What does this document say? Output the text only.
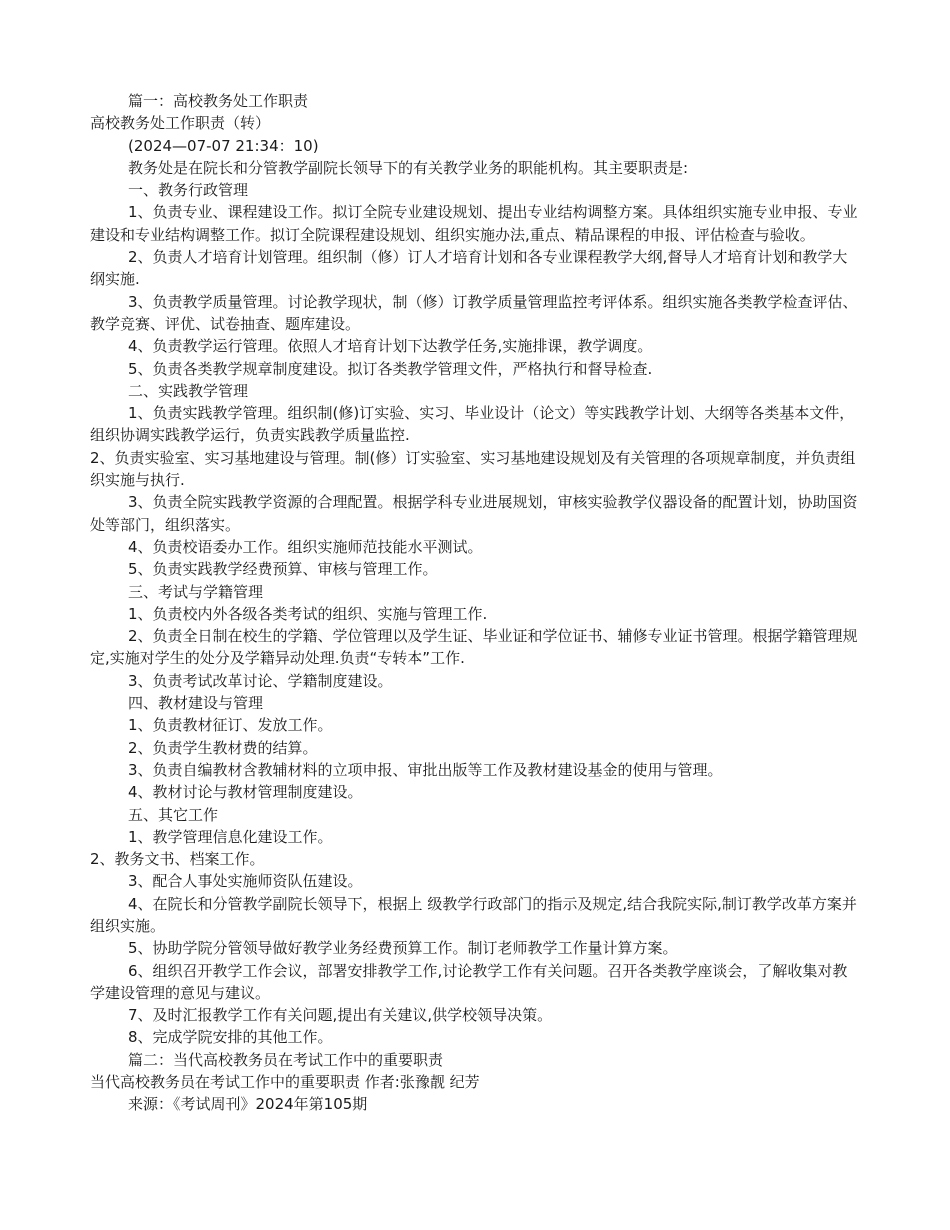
篇一：高校教务处工作职责

高校教务处工作职责（转）

(2024—07-07 21:34：10)

教务处是在院长和分管教学副院长领导下的有关教学业务的职能机构。其主要职责是:

一、教务行政管理

1、负责专业、课程建设工作。拟订全院专业建设规划、提出专业结构调整方案。具体组织实施专业申报、专业建设和专业结构调整工作。拟订全院课程建设规划、组织实施办法,重点、精品课程的申报、评估检查与验收。

2、负责人才培育计划管理。组织制（修）订人才培育计划和各专业课程教学大纲,督导人才培育计划和教学大纲实施.

3、负责教学质量管理。讨论教学现状，制（修）订教学质量管理监控考评体系。组织实施各类教学检查评估、教学竞赛、评优、试卷抽查、题库建设。

4、负责教学运行管理。依照人才培育计划下达教学任务,实施排课，教学调度。

5、负责各类教学规章制度建设。拟订各类教学管理文件，严格执行和督导检查.

二、实践教学管理

1、负责实践教学管理。组织制(修)订实验、实习、毕业设计（论文）等实践教学计划、大纲等各类基本文件，组织协调实践教学运行，负责实践教学质量监控.

2、负责实验室、实习基地建设与管理。制(修）订实验室、实习基地建设规划及有关管理的各项规章制度，并负责组织实施与执行.

3、负责全院实践教学资源的合理配置。根据学科专业进展规划，审核实验教学仪器设备的配置计划，协助国资处等部门，组织落实。

4、负责校语委办工作。组织实施师范技能水平测试。

5、负责实践教学经费预算、审核与管理工作。

三、考试与学籍管理

1、负责校内外各级各类考试的组织、实施与管理工作.

2、负责全日制在校生的学籍、学位管理以及学生证、毕业证和学位证书、辅修专业证书管理。根据学籍管理规定,实施对学生的处分及学籍异动处理.负责“专转本”工作.

3、负责考试改革讨论、学籍制度建设。

四、教材建设与管理

1、负责教材征订、发放工作。

2、负责学生教材费的结算。

3、负责自编教材含教辅材料的立项申报、审批出版等工作及教材建设基金的使用与管理。

4、教材讨论与教材管理制度建设。

五、其它工作

1、教学管理信息化建设工作。

2、教务文书、档案工作。

3、配合人事处实施师资队伍建设。

4、在院长和分管教学副院长领导下，根据上 级教学行政部门的指示及规定,结合我院实际,制订教学改革方案并组织实施。

5、协助学院分管领导做好教学业务经费预算工作。制订老师教学工作量计算方案。

6、组织召开教学工作会议，部署安排教学工作,讨论教学工作有关问题。召开各类教学座谈会，了解收集对教学建设管理的意见与建议。

7、及时汇报教学工作有关问题,提出有关建议,供学校领导决策。

8、完成学院安排的其他工作。

篇二：当代高校教务员在考试工作中的重要职责

当代高校教务员在考试工作中的重要职责 作者:张豫靓 纪芳

来源：《考试周刊》2024年第105期
